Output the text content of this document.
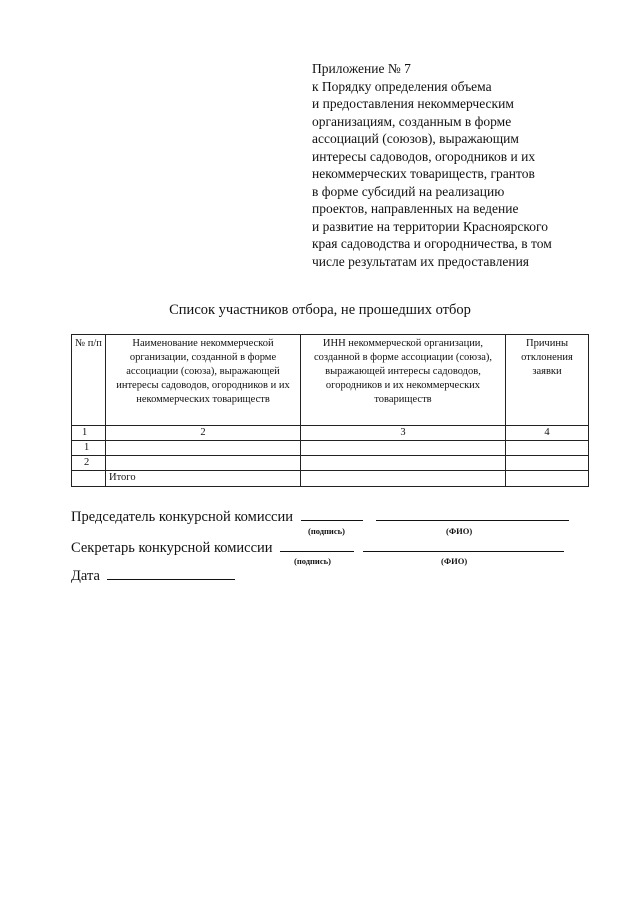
Приложение № 7
к Порядку определения объема
и предоставления некоммерческим
организациям, созданным в форме
ассоциаций (союзов), выражающим
интересы садоводов, огородников и их
некоммерческих товариществ, грантов
в форме субсидий на реализацию
проектов, направленных на ведение
и развитие на территории Красноярского
края садоводства и огородничества, в том
числе результатам их предоставления
Список участников отбора, не прошедших отбор
№ п/п	Наименование некоммерческой организации, созданной в форме ассоциации (союза), выражающей интересы садоводов, огородников и их некоммерческих товариществ	ИНН некоммерческой организации, созданной в форме ассоциации (союза), выражающей интересы садоводов, огородников и их некоммерческих товариществ	Причины отклонения заявки
1	2	3	4
1			
2			
	Итого		
Председатель конкурсной комиссии
(подпись)	(ФИО)
Секретарь конкурсной комиссии
(подпись)	(ФИО)
Дата
